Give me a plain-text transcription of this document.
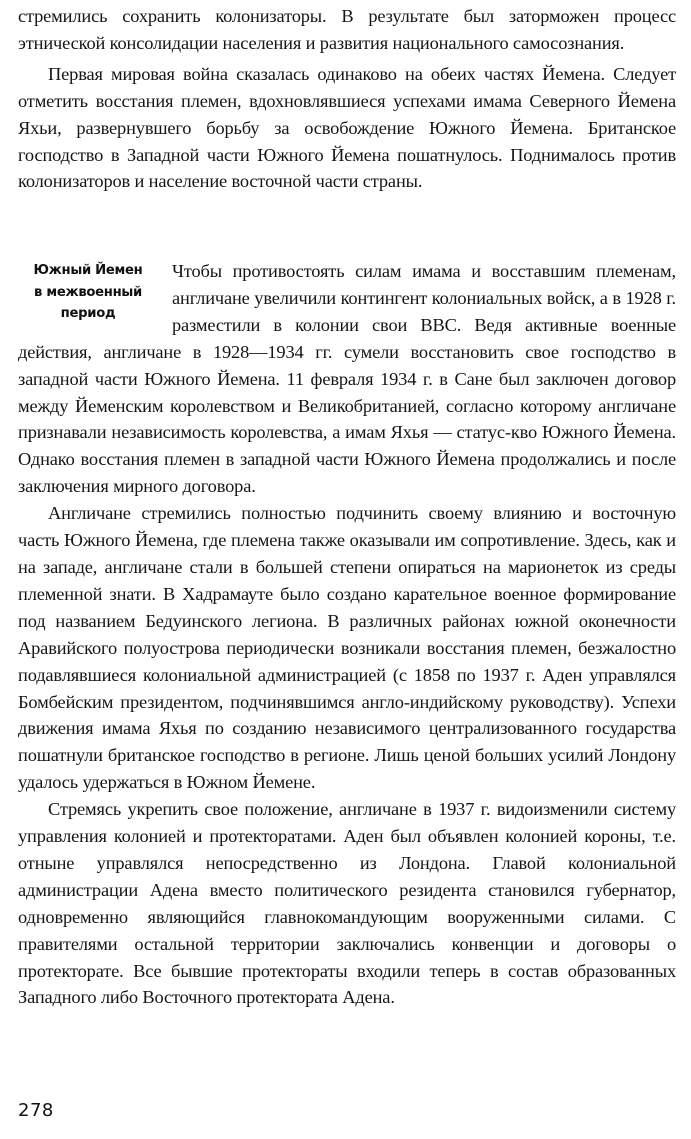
стремились сохранить колонизаторы. В результате был заторможен процесс этнической консолидации населения и развития национального самосознания.

Первая мировая война сказалась одинаково на обеих частях Йемена. Следует отметить восстания племен, вдохновлявшиеся успехами имама Северного Йемена Яхьи, развернувшего борьбу за освобождение Южного Йемена. Британское господство в Западной части Южного Йемена пошатнулось. Поднималось против колонизаторов и население восточной части страны.

Южный Йемен
в межвоенный
период

Чтобы противостоять силам имама и восставшим племенам, англичане увеличили контингент колониальных войск, а в 1928 г. разместили в колонии свои ВВС. Ведя активные военные действия, англичане в 1928—1934 гг. сумели восстановить свое господство в западной части Южного Йемена. 11 февраля 1934 г. в Сане был заключен договор между Йеменским королевством и Великобританией, согласно которому англичане признавали независимость королевства, а имам Яхья — статус-кво Южного Йемена. Однако восстания племен в западной части Южного Йемена продолжались и после заключения мирного договора.

Англичане стремились полностью подчинить своему влиянию и восточную часть Южного Йемена, где племена также оказывали им сопротивление. Здесь, как и на западе, англичане стали в большей степени опираться на марионеток из среды племенной знати. В Хадрамауте было создано карательное военное формирование под названием Бедуинского легиона. В различных районах южной оконечности Аравийского полуострова периодически возникали восстания племен, безжалостно подавлявшиеся колониальной администрацией (с 1858 по 1937 г. Аден управлялся Бомбейским президентом, подчинявшимся англо-индийскому руководству). Успехи движения имама Яхья по созданию независимого централизованного государства пошатнули британское господство в регионе. Лишь ценой больших усилий Лондону удалось удержаться в Южном Йемене.

Стремясь укрепить свое положение, англичане в 1937 г. видоизменили систему управления колонией и протекторатами. Аден был объявлен колонией короны, т.е. отныне управлялся непосредственно из Лондона. Главой колониальной администрации Адена вместо политического резидента становился губернатор, одновременно являющийся главнокомандующим вооруженными силами. С правителями остальной территории заключались конвенции и договоры о протекторате. Все бывшие протектораты входили теперь в состав образованных Западного либо Восточного протектората Адена.

278
